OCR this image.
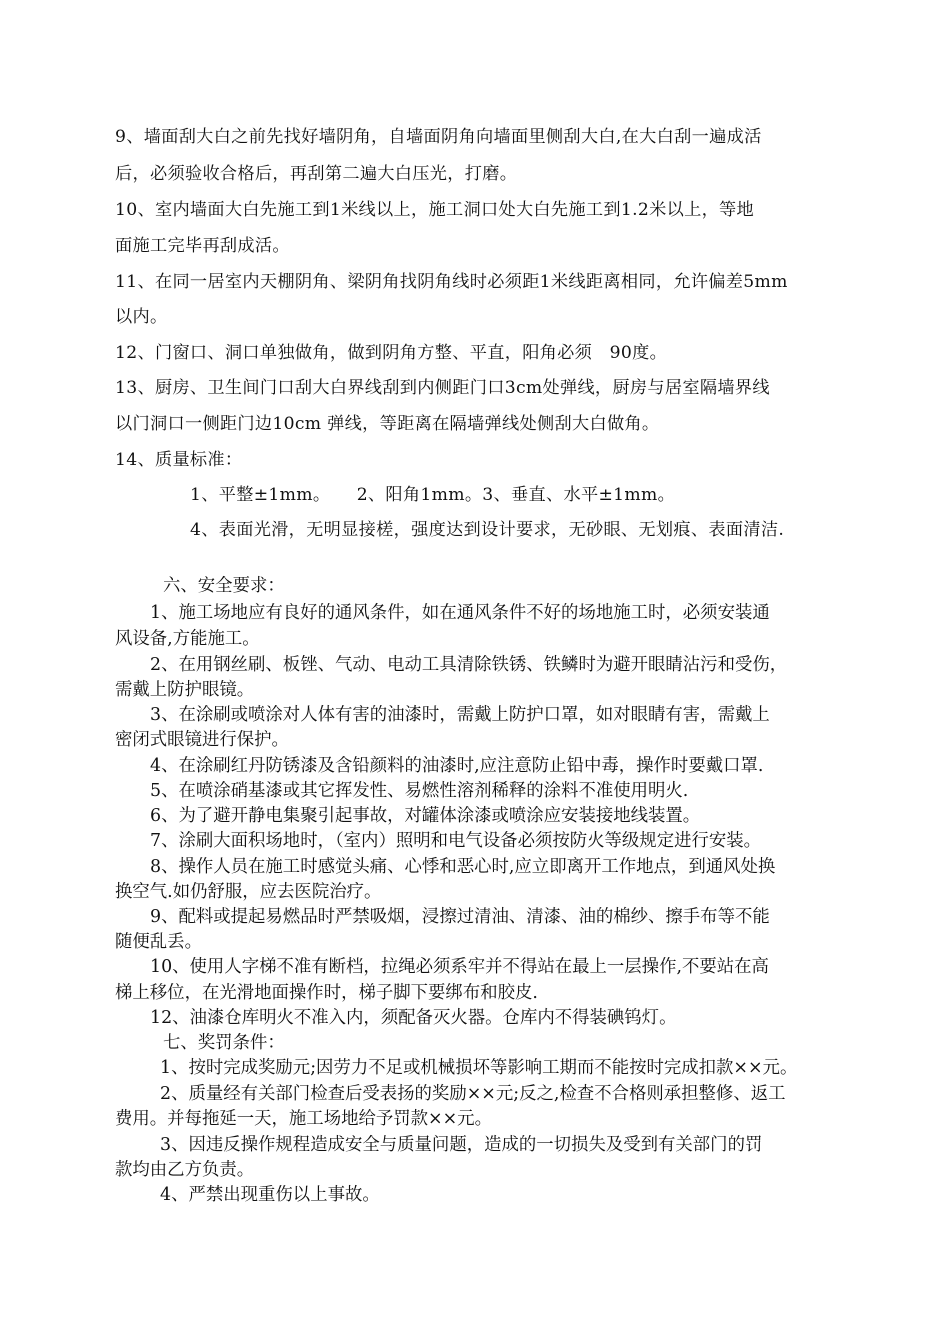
9、墙面刮大白之前先找好墙阴角，自墙面阴角向墙面里侧刮大白,在大白刮一遍成活
后，必须验收合格后，再刮第二遍大白压光，打磨。
10、室内墙面大白先施工到1米线以上，施工洞口处大白先施工到1.2米以上，等地
面施工完毕再刮成活。
11、在同一居室内天棚阴角、梁阴角找阴角线时必须距1米线距离相同，允许偏差5mm
以内。
12、门窗口、洞口单独做角，做到阴角方整、平直，阳角必须　90度。
13、厨房、卫生间门口刮大白界线刮到内侧距门口3cm处弹线，厨房与居室隔墙界线
以门洞口一侧距门边10cm 弹线，等距离在隔墙弹线处侧刮大白做角。
14、质量标准：
1、平整±1mm。　　2、阳角1mm。3、垂直、水平±1mm。
4、表面光滑，无明显接槎，强度达到设计要求，无砂眼、无划痕、表面清洁.
六、安全要求：
1、施工场地应有良好的通风条件，如在通风条件不好的场地施工时，必须安装通
风设备,方能施工。
2、在用钢丝刷、板锉、气动、电动工具清除铁锈、铁鳞时为避开眼睛沾污和受伤，
需戴上防护眼镜。
3、在涂刷或喷涂对人体有害的油漆时，需戴上防护口罩，如对眼睛有害，需戴上
密闭式眼镜进行保护。
4、在涂刷红丹防锈漆及含铅颜料的油漆时,应注意防止铅中毒，操作时要戴口罩.
5、在喷涂硝基漆或其它挥发性、易燃性溶剂稀释的涂料不准使用明火.
6、为了避开静电集聚引起事故，对罐体涂漆或喷涂应安装接地线装置。
7、涂刷大面积场地时，（室内）照明和电气设备必须按防火等级规定进行安装。
8、操作人员在施工时感觉头痛、心悸和恶心时,应立即离开工作地点，到通风处换
换空气.如仍舒服，应去医院治疗。
9、配料或提起易燃品时严禁吸烟，浸擦过清油、清漆、油的棉纱、擦手布等不能
随便乱丢。
10、使用人字梯不准有断档，拉绳必须系牢并不得站在最上一层操作,不要站在高
梯上移位，在光滑地面操作时，梯子脚下要绑布和胶皮.
12、油漆仓库明火不准入内，须配备灭火器。仓库内不得装碘钨灯。
七、奖罚条件：
1、按时完成奖励元;因劳力不足或机械损坏等影响工期而不能按时完成扣款××元。
2、质量经有关部门检查后受表扬的奖励××元;反之,检查不合格则承担整修、返工
费用。并每拖延一天，施工场地给予罚款××元。
3、因违反操作规程造成安全与质量问题，造成的一切损失及受到有关部门的罚
款均由乙方负责。
4、严禁出现重伤以上事故。
